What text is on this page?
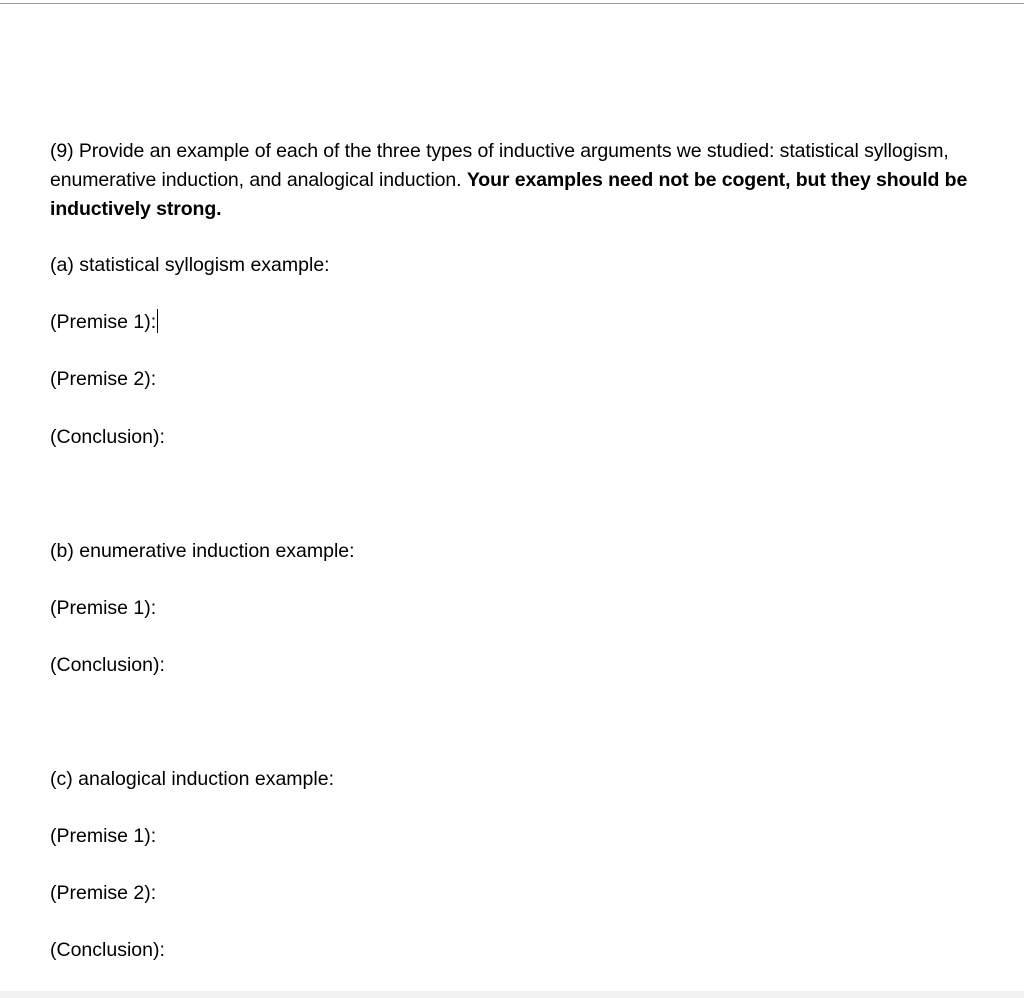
(9) Provide an example of each of the three types of inductive arguments we studied: statistical syllogism, enumerative induction, and analogical induction. Your examples need not be cogent, but they should be inductively strong.

(a) statistical syllogism example:
(Premise 1):
(Premise 2):
(Conclusion):
(b) enumerative induction example:
(Premise 1):
(Conclusion):
(c) analogical induction example:
(Premise 1):
(Premise 2):
(Conclusion):
